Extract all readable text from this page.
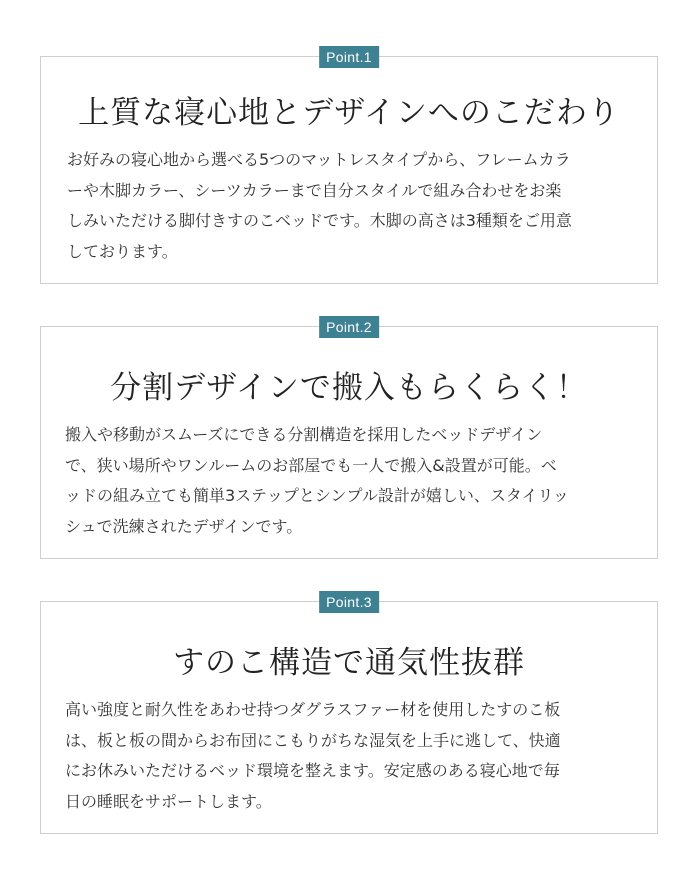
Point.1
上質な寝心地とデザインへのこだわり

お好みの寝心地から選べる5つのマットレスタイプから、フレームカラ
ーや木脚カラー、シーツカラーまで自分スタイルで組み合わせをお楽
しみいただける脚付きすのこベッドです。木脚の高さは3種類をご用意
しております。

Point.2
分割デザインで搬入もらくらく！

搬入や移動がスムーズにできる分割構造を採用したベッドデザイン
で、狭い場所やワンルームのお部屋でも一人で搬入&設置が可能。ベ
ッドの組み立ても簡単3ステップとシンプル設計が嬉しい、スタイリッ
シュで洗練されたデザインです。

Point.3
すのこ構造で通気性抜群

高い強度と耐久性をあわせ持つダグラスファー材を使用したすのこ板
は、板と板の間からお布団にこもりがちな湿気を上手に逃して、快適
にお休みいただけるベッド環境を整えます。安定感のある寝心地で毎
日の睡眠をサポートします。
